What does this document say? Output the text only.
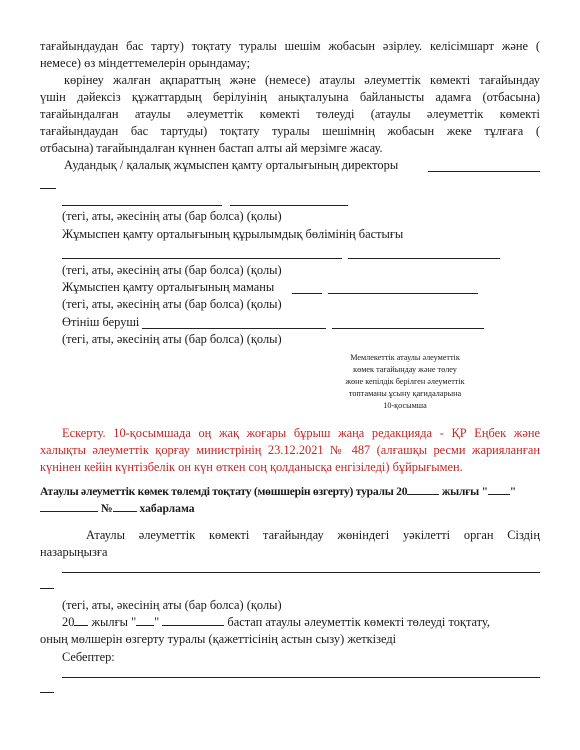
тағайындаудан бас тарту) тоқтату туралы шешім жобасын әзірлеу. келісімшарт және (
немесе) өз міндеттемелерін орындамау;
көрінеу жалған ақпараттың және (немесе) атаулы әлеуметтік көмекті тағайындау
үшін дәйексіз құжаттардың берілуінің анықталуына байланысты адамға (отбасына)
тағайындалған атаулы әлеуметтік көмекті төлеуді (атаулы әлеуметтік көмекті
тағайындаудан бас тартуды) тоқтату туралы шешімнің жобасын жеке тұлғаға (
отбасына) тағайындалған күннен бастап алты ай мерзімге жасау.
Аудандық / қалалық жұмыспен қамту орталығының директоры
(тегі, аты, әкесінің аты (бар болса) (қолы)
Жұмыспен қамту орталығының құрылымдық бөлімінің бастығы
(тегі, аты, әкесінің аты (бар болса) (қолы)
Жұмыспен қамту орталығының маманы
(тегі, аты, әкесінің аты (бар болса) (қолы)
Өтініш беруші
(тегі, аты, әкесінің аты (бар болса) (қолы)
Мемлекеттік атаулы әлеуметтік
көмек тағайындау және төлеу
жөне кепілдік берілген әлеуметтік
топтаманы ұсыну қағидаларына
10-қосымша
Ескерту. 10-қосымшада оң жақ жоғары бұрыш жаңа редакцияда - ҚР Еңбек және
халықты әлеуметтік қорғау министрінің 23.12.2021 № 487 (алғашқы ресми жарияланған
күнінен кейін күнтізбелік он күн өткен соң қолданысқа енгізіледі) бұйрығымен.
Атаулы әлеуметтік көмек төлемді тоқтату (мөшшерін өзгерту) туралы 20	жылғы " "
№ хабарлама
Атаулы әлеуметтік көмекті тағайындау жөніндегі уәкілетті орган Сіздің
назарыңызға
(тегі, аты, әкесінің аты (бар болса) (қолы)
20 жылғы " "	бастап атаулы әлеуметтік көмекті төлеуді тоқтату,
оның мөлшерін өзгерту туралы (қажеттісінің астын сызу) жеткізеді
Себептер:
